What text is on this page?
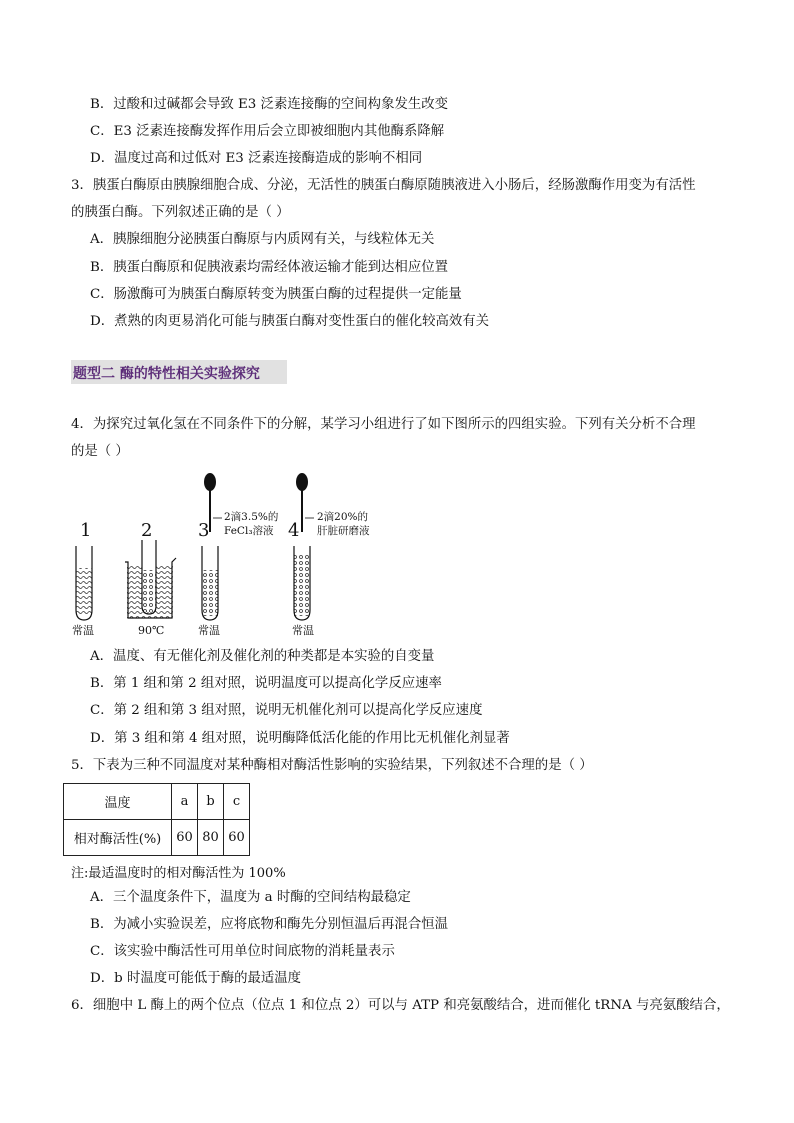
B．过酸和过碱都会导致 E3 泛素连接酶的空间构象发生改变
C．E3 泛素连接酶发挥作用后会立即被细胞内其他酶系降解
D．温度过高和过低对 E3 泛素连接酶造成的影响不相同
3．胰蛋白酶原由胰腺细胞合成、分泌，无活性的胰蛋白酶原随胰液进入小肠后，经肠激酶作用变为有活性
的胰蛋白酶。下列叙述正确的是（ ）
A．胰腺细胞分泌胰蛋白酶原与内质网有关，与线粒体无关
B．胰蛋白酶原和促胰液素均需经体液运输才能到达相应位置
C．肠激酶可为胰蛋白酶原转变为胰蛋白酶的过程提供一定能量
D．煮熟的肉更易消化可能与胰蛋白酶对变性蛋白的催化较高效有关
题型二 酶的特性相关实验探究
4．为探究过氧化氢在不同条件下的分解，某学习小组进行了如下图所示的四组实验。下列有关分析不合理
的是（ ）
1
常温
2
90℃
3
2滴3.5%的
FeCl₃溶液
常温
4
2滴20%的
肝脏研磨液
常温
A．温度、有无催化剂及催化剂的种类都是本实验的自变量
B．第 1 组和第 2 组对照，说明温度可以提高化学反应速率
C．第 2 组和第 3 组对照，说明无机催化剂可以提高化学反应速度
D．第 3 组和第 4 组对照，说明酶降低活化能的作用比无机催化剂显著
5．下表为三种不同温度对某种酶相对酶活性影响的实验结果，下列叙述不合理的是（ ）
温度	a	b	c
相对酶活性(%)	60	80	60
注:最适温度时的相对酶活性为 100%
A．三个温度条件下，温度为 a 时酶的空间结构最稳定
B．为减小实验误差，应将底物和酶先分别恒温后再混合恒温
C．该实验中酶活性可用单位时间底物的消耗量表示
D．b 时温度可能低于酶的最适温度
6．细胞中 L 酶上的两个位点（位点 1 和位点 2）可以与 ATP 和亮氨酸结合，进而催化 tRNA 与亮氨酸结合，
